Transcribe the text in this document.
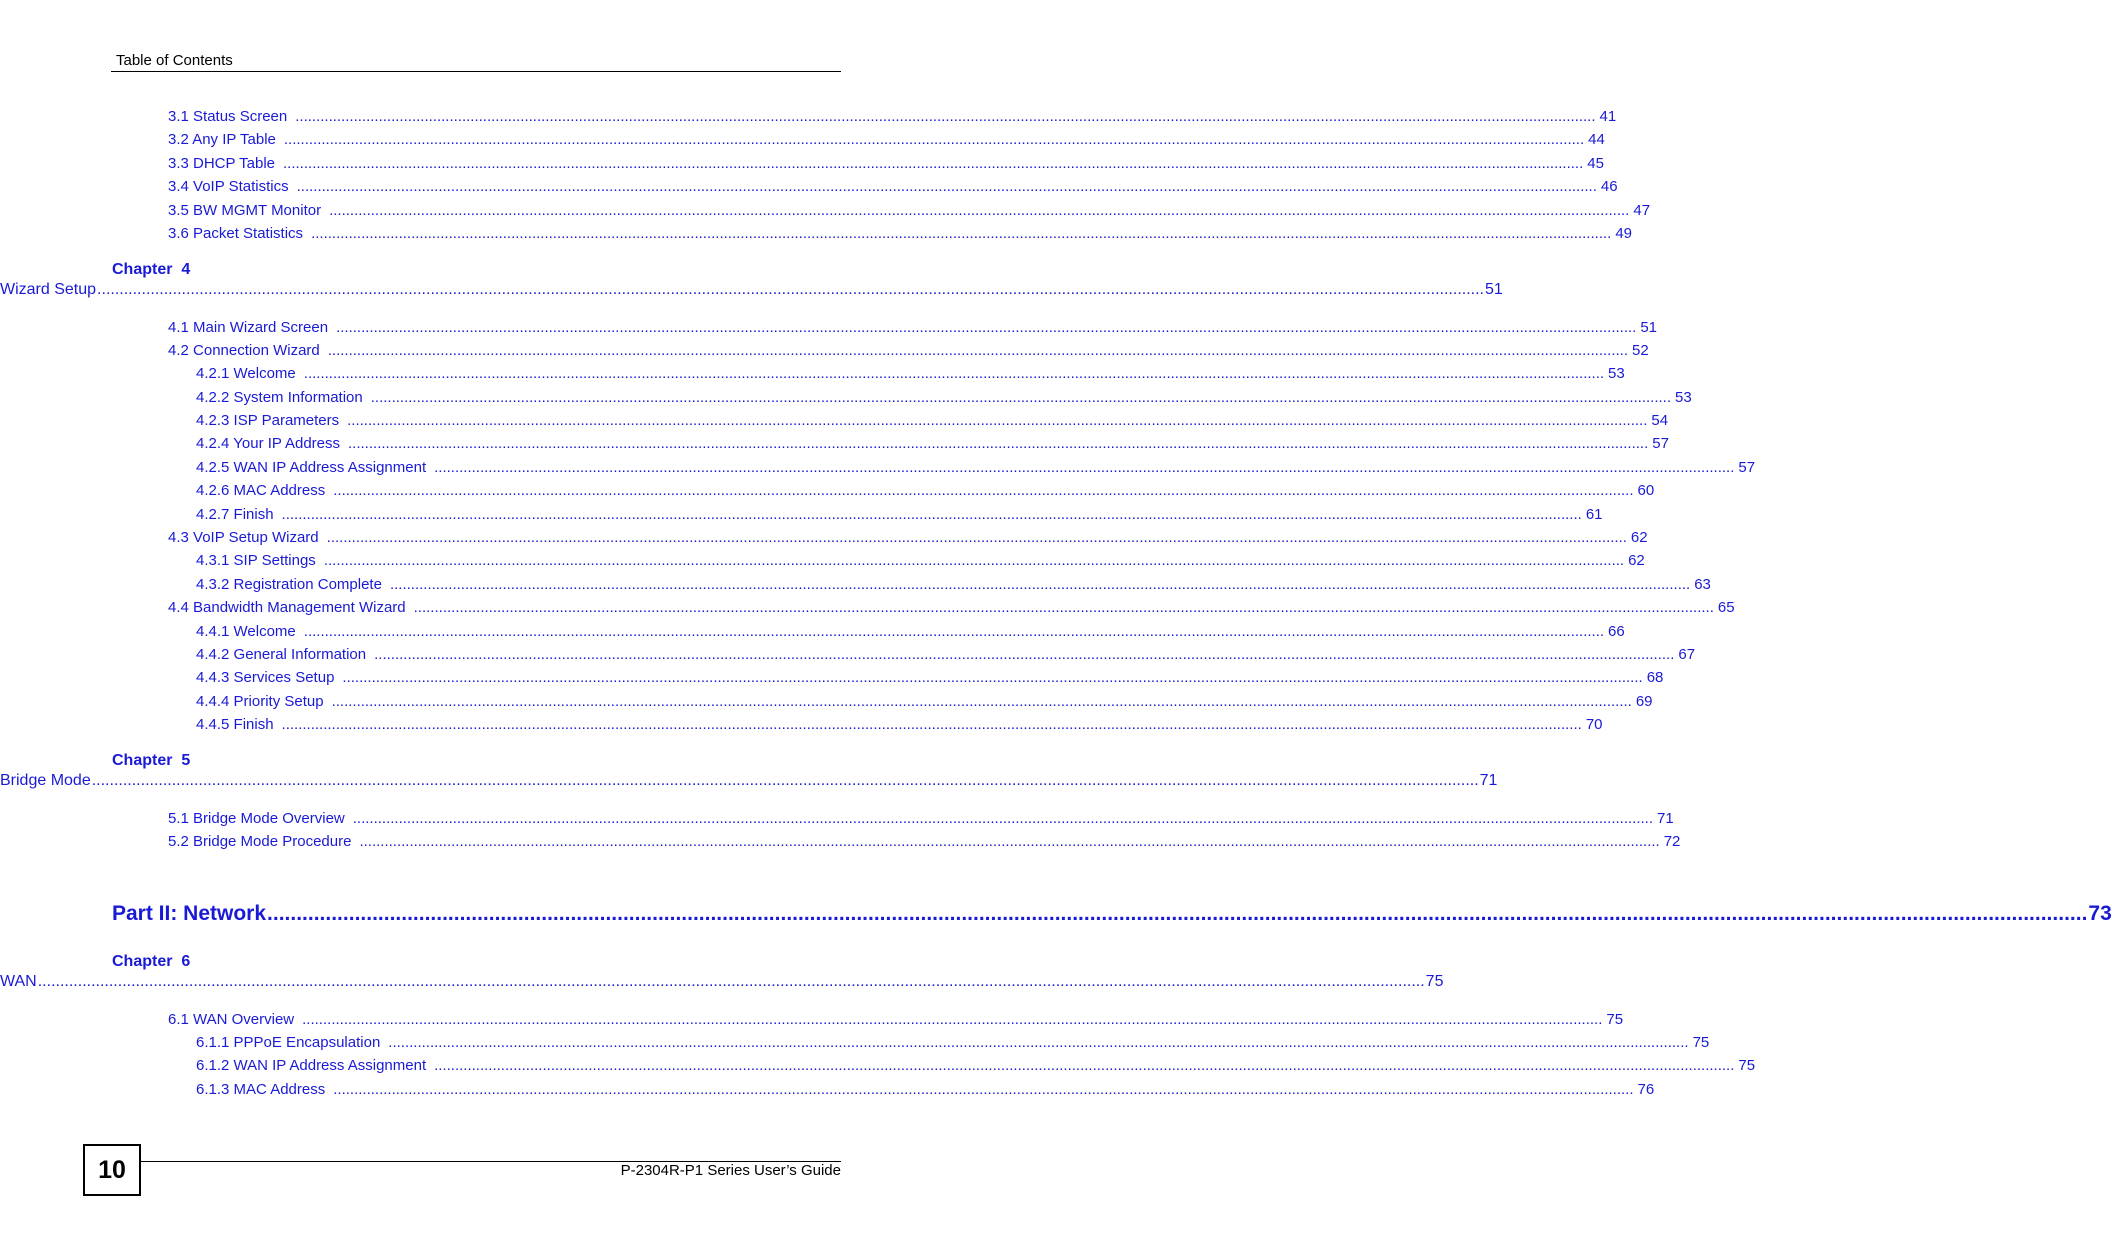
Table of Contents
3.1 Status Screen .....	41
3.2 Any IP Table .....	44
3.3 DHCP Table .....	45
3.4 VoIP Statistics .....	46
3.5 BW MGMT Monitor .....	47
3.6 Packet Statistics .....	49
Chapter  4
Wizard Setup .....	51
4.1 Main Wizard Screen .....	51
4.2 Connection Wizard .....	52
4.2.1 Welcome .....	53
4.2.2 System Information .....	53
4.2.3 ISP Parameters .....	54
4.2.4 Your IP Address .....	57
4.2.5 WAN IP Address Assignment .....	57
4.2.6 MAC Address .....	60
4.2.7 Finish .....	61
4.3 VoIP Setup Wizard .....	62
4.3.1 SIP Settings .....	62
4.3.2 Registration Complete .....	63
4.4 Bandwidth Management Wizard .....	65
4.4.1 Welcome .....	66
4.4.2 General Information .....	67
4.4.3 Services Setup .....	68
4.4.4 Priority Setup .....	69
4.4.5 Finish .....	70
Chapter  5
Bridge Mode .....	71
5.1 Bridge Mode Overview .....	71
5.2 Bridge Mode Procedure .....	72
Part II: Network .....	73
Chapter  6
WAN .....	75
6.1 WAN Overview .....	75
6.1.1 PPPoE Encapsulation .....	75
6.1.2 WAN IP Address Assignment .....	75
6.1.3 MAC Address .....	76
10	P-2304R-P1 Series User’s Guide
